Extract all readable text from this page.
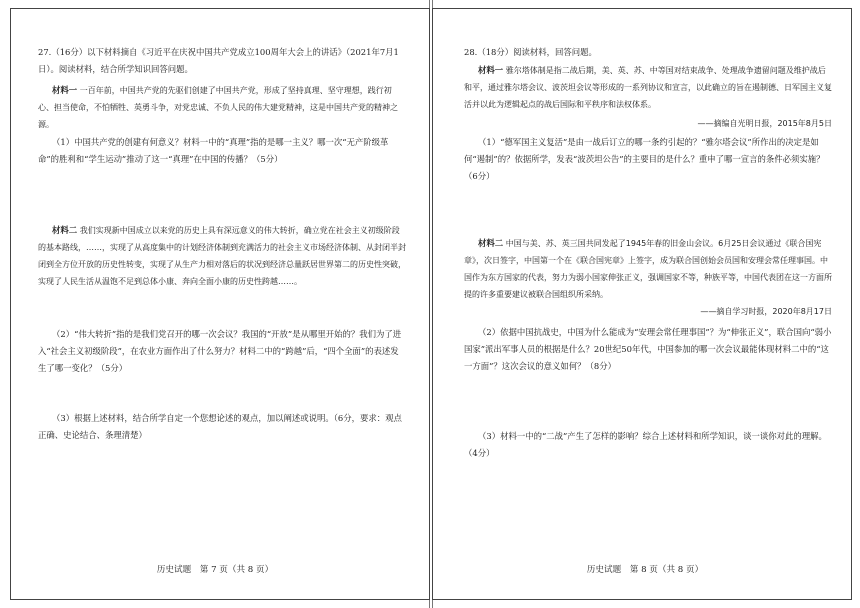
27.（16分）以下材料摘自《习近平在庆祝中国共产党成立100周年大会上的讲话》（2021年7月1日）。阅读材料，结合所学知识回答问题。
材料一 一百年前，中国共产党的先驱们创建了中国共产党，形成了坚持真理、坚守理想，践行初心、担当使命，不怕牺牲、英勇斗争，对党忠诚、不负人民的伟大建党精神，这是中国共产党的精神之源。
（1）中国共产党的创建有何意义？材料一中的“真理”指的是哪一主义？哪一次“无产阶级革命”的胜利和“学生运动”推动了这一“真理”在中国的传播？（5分）
材料二 我们实现新中国成立以来党的历史上具有深远意义的伟大转折，确立党在社会主义初级阶段的基本路线，……，实现了从高度集中的计划经济体制到充满活力的社会主义市场经济体制、从封闭半封闭到全方位开放的历史性转变，实现了从生产力相对落后的状况到经济总量跃居世界第二的历史性突破，实现了人民生活从温饱不足到总体小康、奔向全面小康的历史性跨越……。
（2）“伟大转折”指的是我们党召开的哪一次会议？我国的“开放”是从哪里开始的？我们为了进入“社会主义初级阶段”，在农业方面作出了什么努力？材料二中的“跨越”后，“四个全面”的表述发生了哪一变化？（5分）
（3）根据上述材料，结合所学自定一个您想论述的观点，加以阐述或说明。（6分，要求：观点正确、史论结合、条理清楚）
历史试题　第 7 页（共 8 页）
28.（18分）阅读材料，回答问题。
材料一 雅尔塔体制是指二战后期，美、英、苏、中等国对结束战争、处理战争遗留问题及维护战后和平，通过雅尔塔会议、波茨坦会议等形成的一系列协议和宣言，以此确立的旨在遏制德、日军国主义复活并以此为逻辑起点的战后国际和平秩序和法权体系。
——摘编自光明日报，2015年8月5日
（1）“德军国主义复活”是由一战后订立的哪一条约引起的？“雅尔塔会议”所作出的决定是如何“遏制”的？依据所学，发表“波茨坦公告”的主要目的是什么？重申了哪一宣言的条件必须实施？（6分）
材料二 中国与美、苏、英三国共同发起了1945年春的旧金山会议。6月25日会议通过《联合国宪章》，次日签字，中国第一个在《联合国宪章》上签字，成为联合国创始会员国和安理会常任理事国。中国作为东方国家的代表，努力为弱小国家伸张正义，强调国家不等，种族平等，中国代表团在这一方面所提的许多重要建议被联合国组织所采纳。
——摘自学习时报，2020年8月17日
（2）依据中国抗战史，中国为什么能成为“安理会常任理事国”？为“伸张正义”，联合国向“弱小国家”派出军事人员的根据是什么？20世纪50年代，中国参加的哪一次会议最能体现材料二中的“这一方面”？这次会议的意义如何？（8分）
（3）材料一中的“二战”产生了怎样的影响？综合上述材料和所学知识，谈一谈你对此的理解。（4分）
历史试题　第 8 页（共 8 页）
